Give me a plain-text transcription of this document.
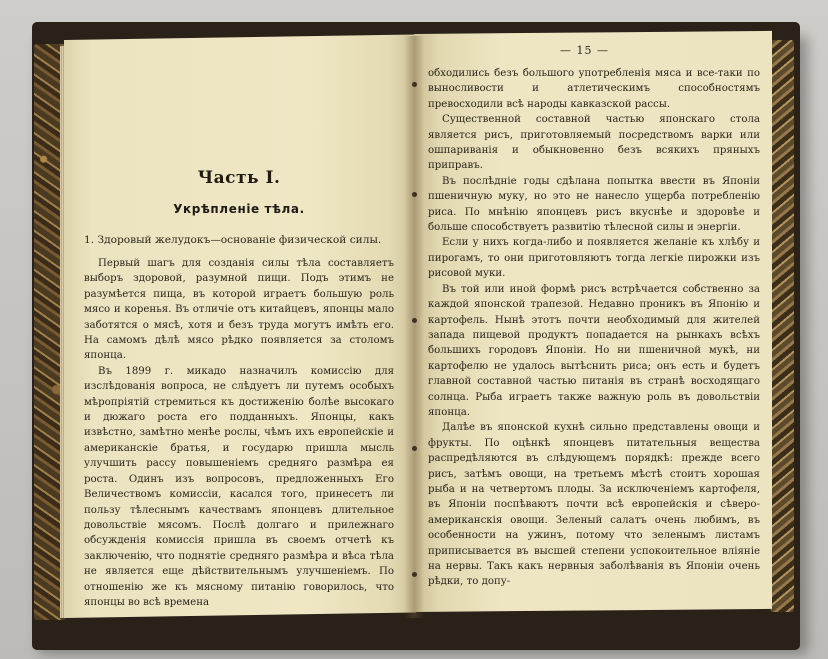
Часть I.
Укрѣпленіе тѣла.
1. Здоровый желудокъ—основаніе физической силы.

Первый шагъ для созданія силы тѣла составляетъ выборъ здоровой, разумной пищи. Подъ этимъ не разумѣется пища, въ которой играетъ большую роль мясо и коренья. Въ отличіе отъ китайцевъ, японцы мало заботятся о мясѣ, хотя и безъ труда могутъ имѣть его. На самомъ дѣлѣ мясо рѣдко появляется за столомъ японца.

Въ 1899 г. микадо назначилъ комиссію для изслѣдованія вопроса, не слѣдуетъ ли путемъ особыхъ мѣропріятій стремиться къ достиженію болѣе высокаго и дюжаго роста его подданныхъ. Японцы, какъ извѣстно, замѣтно менѣе рослы, чѣмъ ихъ европейскіе и американскіе братья, и государю пришла мысль улучшить рассу повышеніемъ средняго размѣра ея роста. Одинъ изъ вопросовъ, предложенныхъ Его Величествомъ комиссіи, касался того, принесетъ ли пользу тѣлеснымъ качествамъ японцевъ длительное довольствіе мясомъ. Послѣ долгаго и прилежнаго обсужденія комиссія пришла въ своемъ отчетѣ къ заключенію, что поднятіе средняго размѣра и вѣса тѣла не является еще дѣйствительнымъ улучшеніемъ. По отношенію же къ мясному питанію говорилось, что японцы во всѣ времена

— 15 —

обходились безъ большого употребленія мяса и все-таки по выносливости и атлетическимъ способностямъ превосходили всѣ народы кавказской рассы.

Существенной составной частью японскаго стола является рисъ, приготовляемый посредствомъ варки или ошпариванія и обыкновенно безъ всякихъ пряныхъ приправъ.

Въ послѣдніе годы сдѣлана попытка ввести въ Японіи пшеничную муку, но это не нанесло ущерба потребленію риса. По мнѣнію японцевъ рисъ вкуснѣе и здоровѣе и больше способствуетъ развитію тѣлесной силы и энергіи.

Если у нихъ когда-либо и появляется желаніе къ хлѣбу и пирогамъ, то они приготовляютъ тогда легкіе пирожки изъ рисовой муки.

Въ той или иной формѣ рисъ встрѣчается собственно за каждой японской трапезой. Недавно проникъ въ Японію и картофель. Нынѣ этотъ почти необходимый для жителей запада пищевой продуктъ попадается на рынкахъ всѣхъ большихъ городовъ Японіи. Но ни пшеничной мукѣ, ни картофелю не удалось вытѣснить риса; онъ есть и будетъ главной составной частью питанія въ странѣ восходящаго солнца. Рыба играетъ также важную роль въ довольствіи японца.

Далѣе въ японской кухнѣ сильно представлены овощи и фрукты. По оцѣнкѣ японцевъ питательныя вещества распредѣляются въ слѣдующемъ порядкѣ: прежде всего рисъ, затѣмъ овощи, на третьемъ мѣстѣ стоитъ хорошая рыба и на четвертомъ плоды. За исключеніемъ картофеля, въ Японіи поспѣваютъ почти всѣ европейскія и сѣверо-американскія овощи. Зеленый салатъ очень любимъ, въ особенности на ужинъ, потому что зеленымъ листамъ приписывается въ высшей степени успокоительное вліяніе на нервы. Такъ какъ нервныя заболѣванія въ Японіи очень рѣдки, то допу-
